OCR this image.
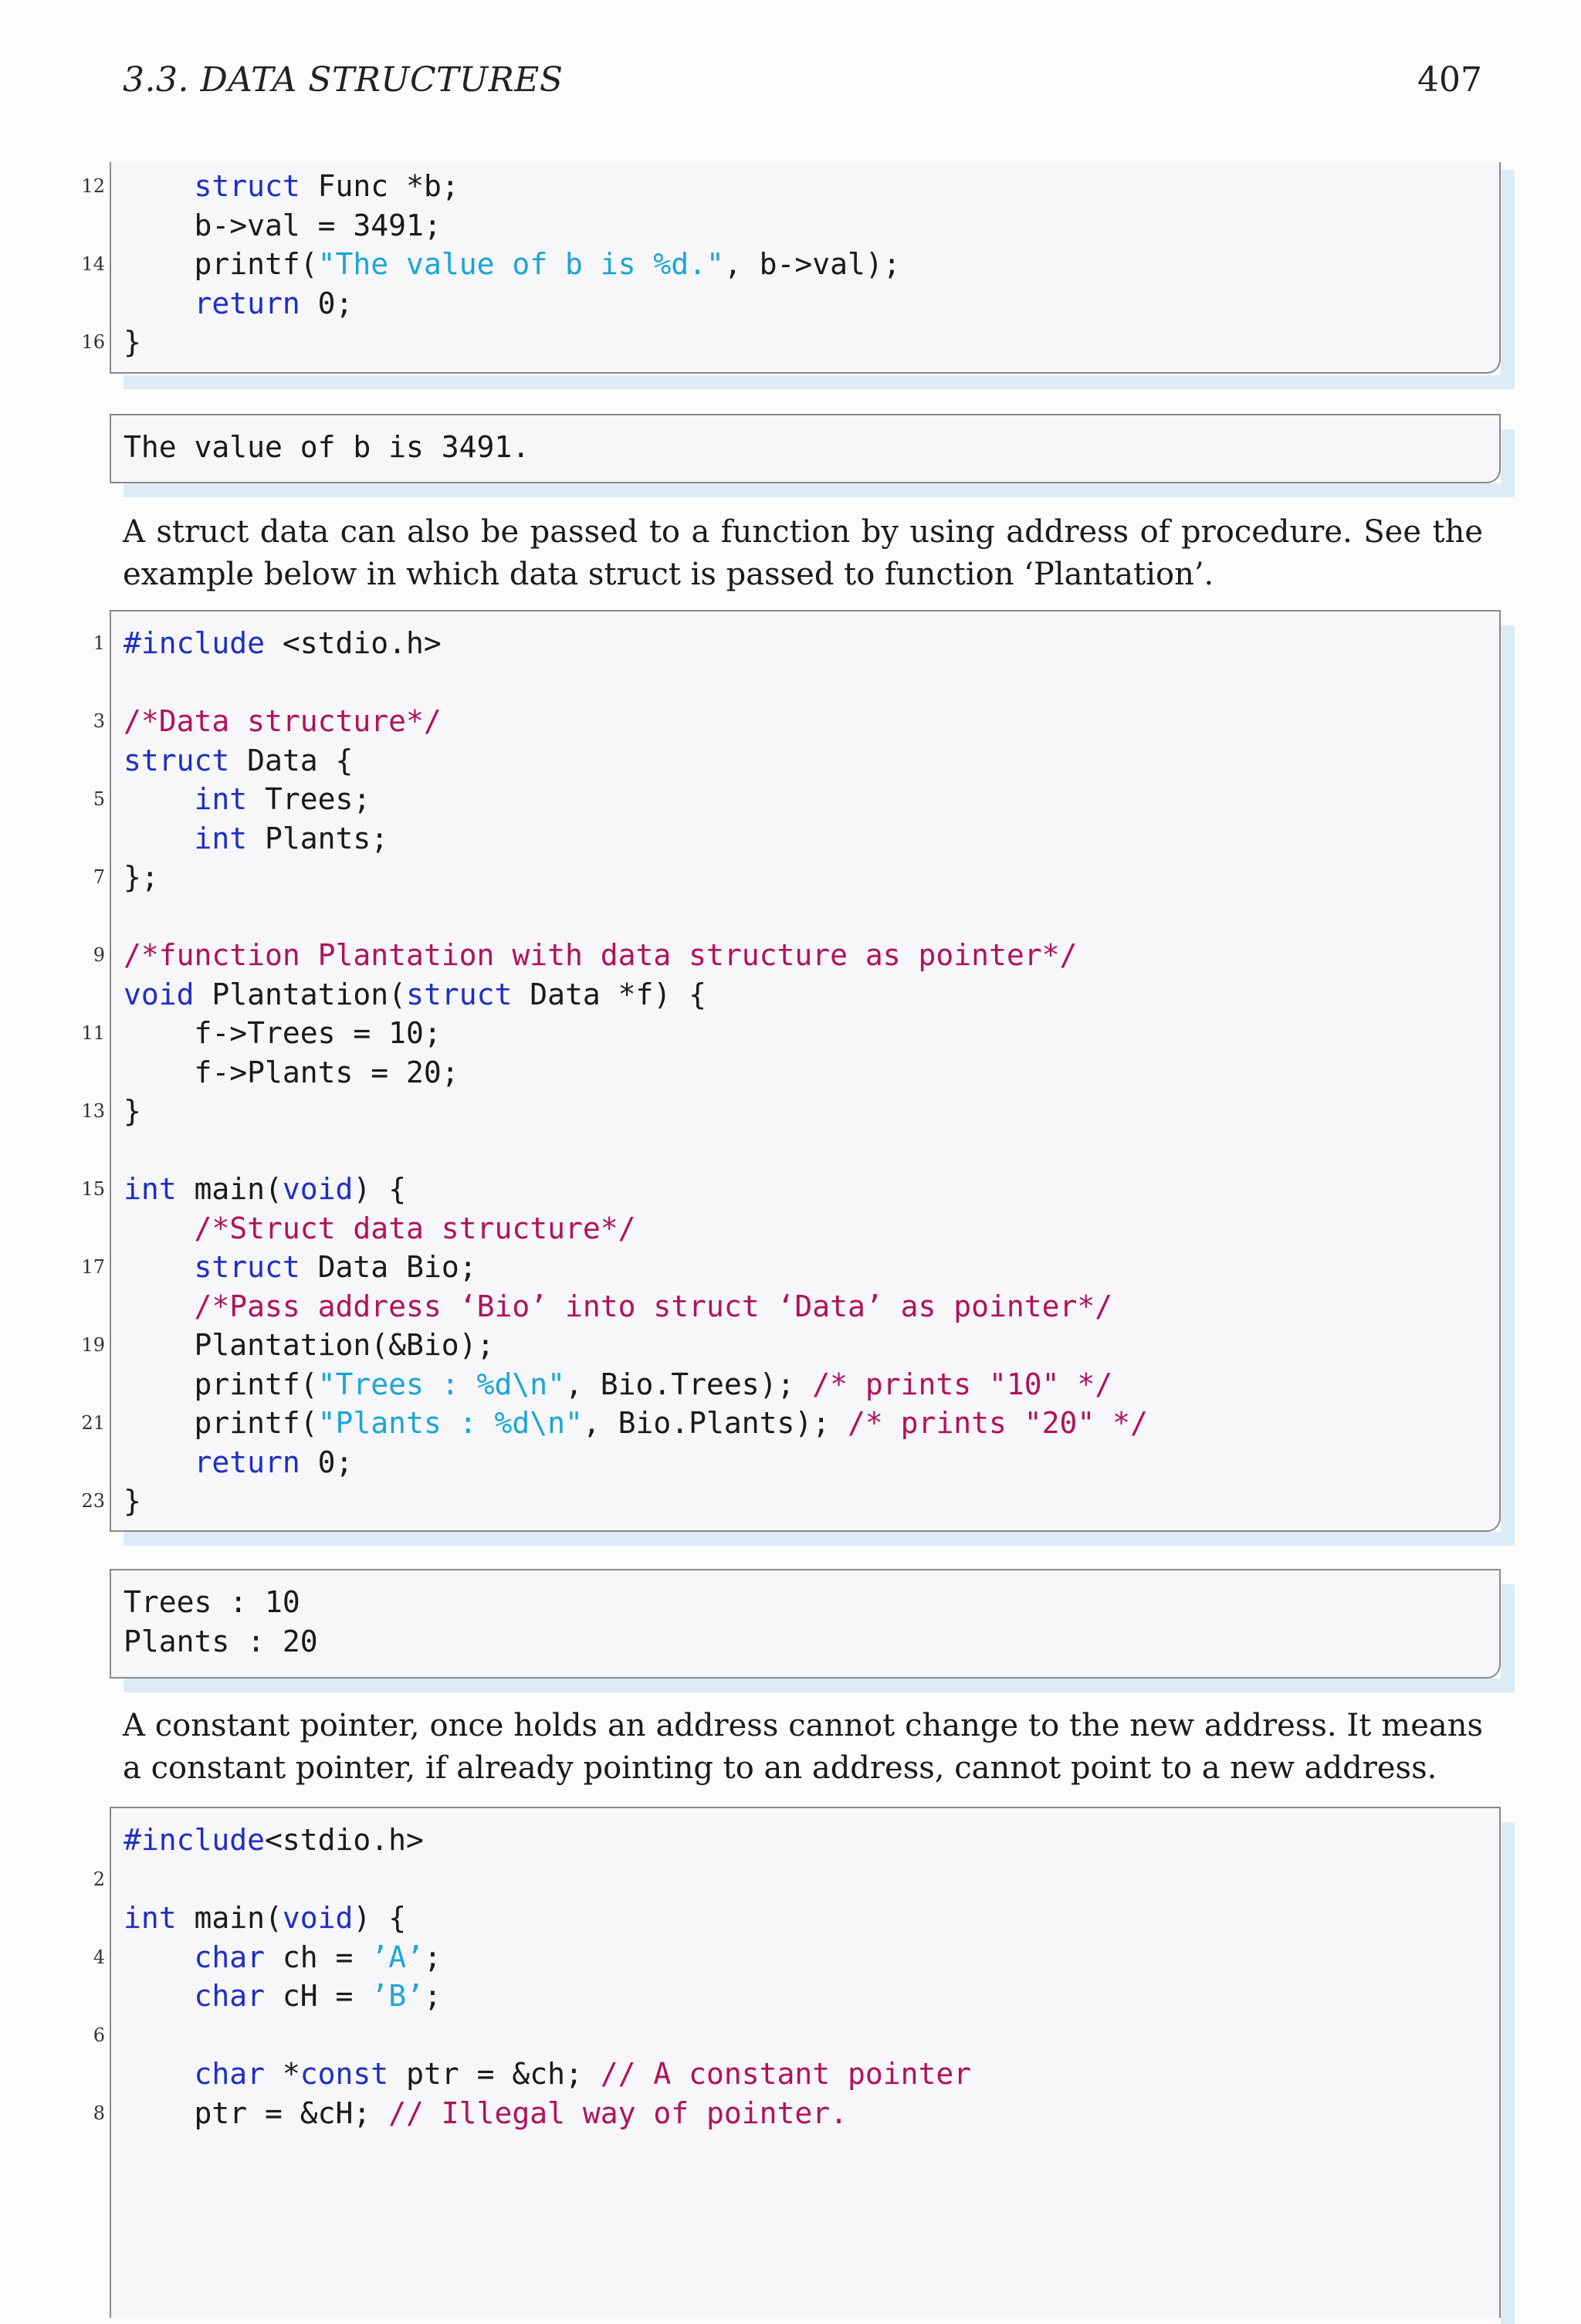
3.3. DATA STRUCTURES	407
12
14
16
struct Func *b;
b->val = 3491;
printf("The value of b is %d.", b->val);
return 0;
}
The value of b is 3491.
A struct data can also be passed to a function by using address of procedure. See the example below in which data struct is passed to function ‘Plantation’.
1
3
5
7
9
11
13
15
17
19
21
23
#include <stdio.h>
/*Data structure*/
struct Data {
int Trees;
int Plants;
};
/*function Plantation with data structure as pointer*/
void Plantation(struct Data *f) {
f->Trees = 10;
f->Plants = 20;
}
int main(void) {
/*Struct data structure*/
struct Data Bio;
/*Pass address ‘Bio’ into struct ‘Data’ as pointer*/
Plantation(&Bio);
printf("Trees : %d\n", Bio.Trees); /* prints "10" */
printf("Plants : %d\n", Bio.Plants); /* prints "20" */
return 0;
}
Trees : 10
Plants : 20
A constant pointer, once holds an address cannot change to the new address. It means a constant pointer, if already pointing to an address, cannot point to a new address.
2
4
6
8
#include<stdio.h>
int main(void) {
char ch = ’A’;
char cH = ’B’;
char *const ptr = &ch; // A constant pointer
ptr = &cH; // Illegal way of pointer.
